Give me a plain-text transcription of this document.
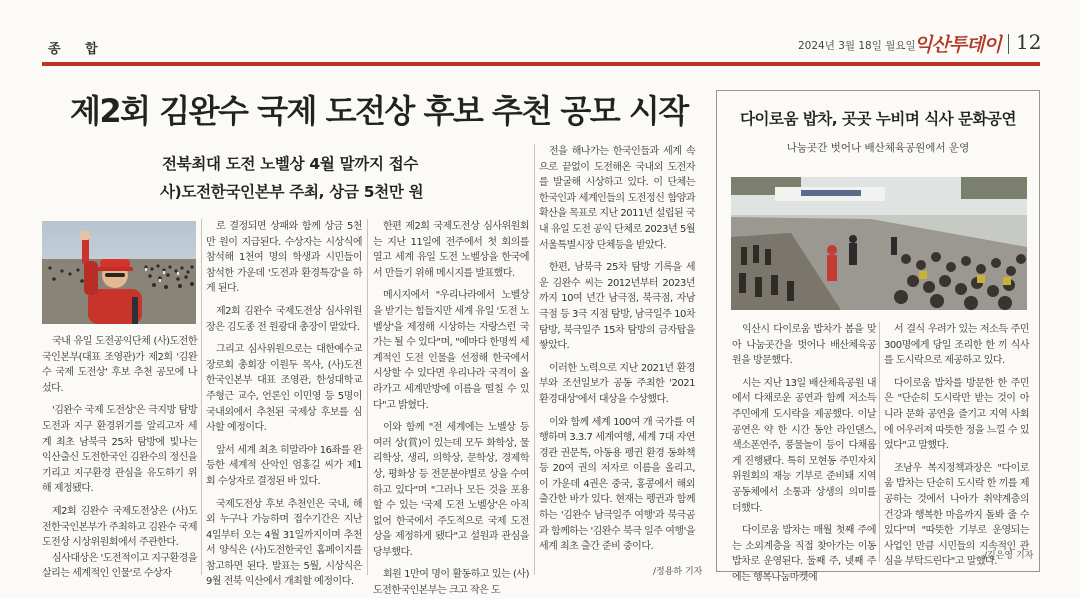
종 합	2024년 3월 18일 월요일
익산투데이 12
제2회 김완수 국제 도전상 후보 추천 공모 시작
전북최대 도전 노벨상 4월 말까지 접수
사)도전한국인본부 주최, 상금 5천만 원

국내 유일 도전공익단체 (사)도전한국인본부(대표 조영관)가 제2회 '김완수 국제 도전상' 후보 추천 공모에 나섰다.

'김완수 국제 도전상'은 극지방 탐방 도전과 지구 환경위기를 알리고자 세계 최초 남북극 25차 탐방에 빛나는 익산출신 도전한국인 김완수의 정신을 기리고 지구환경 관심을 유도하기 위해 제정됐다.

제2회 김완수 국제도전상은 (사)도전한국인본부가 주최하고 김완수 국제도전상 시상위원회에서 주관한다.

심사대상은 '도전적이고 지구환경을 살리는 세계적인 인물'로 수상자

로 결정되면 상패와 함께 상금 5천만 원이 지급된다. 수상자는 시상식에 참석해 1천여 명의 학생과 시민들이 참석한 가운데 '도전과 환경특강'을 하게 된다.

제2회 김완수 국제도전상 심사위원장은 김도종 전 원광대 총장이 맡았다.

그리고 심사위원으로는 대한예수교장로회 총회장 이원두 목사, (사)도전한국인본부 대표 조영관, 한성대학교 주형근 교수, 언론인 이민영 등 5명이 국내외에서 추천된 국제상 후보를 심사할 예정이다.

앞서 세계 최초 히말라야 16좌를 완등한 세계적 산악인 엄홍길 씨가 제1회 수상자로 결정된 바 있다.

국제도전상 후보 추천인은 국내, 해외 누구나 가능하며 접수기간은 지난 4일부터 오는 4월 31일까지이며 추천서 양식은 (사)도전한국인 홈페이지를 참고하면 된다. 발표는 5월, 시상식은 9월 전북 익산에서 개최할 예정이다.

한편 제2회 국제도전상 심사위원회는 지난 11일에 전주에서 첫 회의를 열고 세계 유일 도전 노벨상을 한국에서 만들기 위해 메시지를 발표했다.

메시지에서 "우리나라에서 노벨상을 받기는 힘들지만 세계 유일 '도전 노벨상'을 제정해 시상하는 자랑스런 국가는 될 수 있다"며, "예마다 한명씩 세계적인 도전 인물을 선정해 한국에서 시상할 수 있다면 우리나라 국격이 올라가고 세계만방에 이름을 떨칠 수 있다"고 밝혔다.

이와 함께 "전 세계에는 노벨상 등 여러 상(賞)이 있는데 모두 화학상, 물리학상, 생리, 의학상, 문학상, 경제학상, 평화상 등 전문분야별로 상을 수여하고 있다"며 "그러나 모든 것을 포용할 수 있는 '국제 도전 노벨상'은 아직 없어 한국에서 주도적으로 국제 도전상을 제정하게 됐다"고 설원과 관심을 당부했다.

회원 1만여 명이 활동하고 있는 (사)도전한국인본부는 크고 작은 도

전을 해나가는 한국인들과 세계 속으로 끝없이 도전해온 국내외 도전자를 발굴해 시상하고 있다. 이 단체는 한국인과 세계인들의 도전정신 함양과 확산을 목표로 지난 2011년 설립된 국내 유일 도전 공익 단체로 2023년 5월 서울특별시장 단체등을 받았다.

한편, 남북극 25차 탐방 기록을 세운 김완수 씨는 2012년부터 2023년까지 10여 년간 남극점, 북극점, 자남극점 등 3극 지점 탐방, 남극일주 10차 탐방, 북극일주 15차 탐방의 금자탑을 쌓았다.

이러한 노력으로 지난 2021년 환경부와 조선일보가 공동 주최한 '2021 환경대상'에서 대상을 수상했다.

이와 함께 세계 100여 개 국가를 여행하며 3.3.7 세계여행, 세계 7대 자연경관 권문톡, 아동용 펭귄 환경 동화책 등 20여 권의 저자로 이름을 올리고, 이 가운데 4권은 중국, 홍콩에서 해외 출간한 바가 있다. 현재는 펭귄과 함께하는 '김완수 남극일주 여행'과 북극곰과 함께하는 '김완수 북극 일주 여행'을 세계 최초 출간 준비 중이다.

/정용하 기자
다이로움 밥차, 곳곳 누비며 식사 문화공연
나눔곳간 벗어나 배산체육공원에서 운영

익산시 다이로움 밥차가 봄을 맞아 나눔곳간을 벗어나 배산체육공원을 방문했다.

시는 지난 13일 배산체육공원 내에서 다채로운 공연과 함께 저소득 주민에게 도시락을 제공했다. 이날 공연은 약 한 시간 동안 라인댄스, 색소폰연주, 풍물놀이 등이 다채롭게 진행됐다. 특히 모현동 주민자치위원회의 재능 기부로 준비돼 지역 공동체에서 소통과 상생의 의미를 더했다.

다이로움 밥차는 매월 첫째 주에는 소외계층을 직접 찾아가는 이동 밥차로 운영된다. 둘째 주, 넷째 주에는 행복나눔마켓에

서 결식 우려가 있는 저소득 주민 300명에게 당일 조리한 한 끼 식사를 도시락으로 제공하고 있다.

다이로움 밥차를 방문한 한 주민은 "단순히 도시락만 받는 것이 아니라 문화 공연을 즐기고 지역 사회에 어우러져 따뜻한 정을 느낄 수 있었다"고 말했다.

조남우 복지정책과장은 "다이로움 밥차는 단순히 도시락 한 끼를 제공하는 것에서 나아가 취약계층의 건강과 행복한 마음까지 돌봐 줄 수 있다"며 "따뜻한 기부로 운영되는 사업인 만큼 시민들의 지속적인 관심을 부탁드린다"고 말했다.

/김은영 기자
